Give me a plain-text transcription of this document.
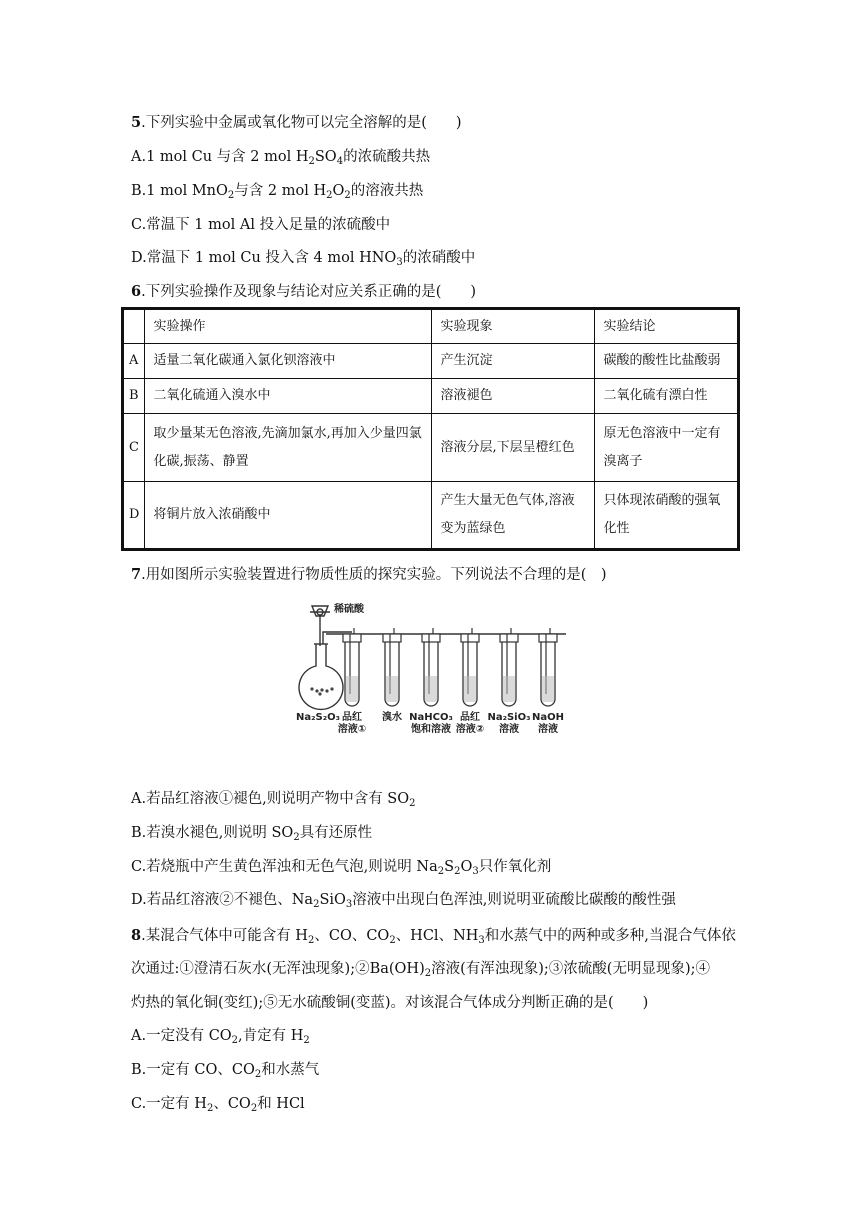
5.下列实验中金属或氧化物可以完全溶解的是(　　)
A.1 mol Cu 与含 2 mol $H_2SO_4$的浓硫酸共热
B.1 mol MnO$_2$与含 2 mol $H_2O_2$的溶液共热
C.常温下 1 mol Al 投入足量的浓硫酸中
D.常温下 1 mol Cu 投入含 4 mol $HNO_3$的浓硝酸中
6.下列实验操作及现象与结论对应关系正确的是(　　)
	实验操作	实验现象	实验结论
A	适量二氧化碳通入氯化钡溶液中	产生沉淀	碳酸的酸性比盐酸弱
B	二氧化硫通入溴水中	溶液褪色	二氧化硫有漂白性
C	取少量某无色溶液,先滴加氯水,再加入少量四氯化碳,振荡、静置	溶液分层,下层呈橙红色	原无色溶液中一定有溴离子
D	将铜片放入浓硝酸中	产生大量无色气体,溶液变为蓝绿色	只体现浓硝酸的强氧化性
7.用如图所示实验装置进行物质性质的探究实验。下列说法不合理的是(　)
稀硫酸
Na₂S₂O₃ 品红
溶液①
溴水 NaHCO₃
饱和溶液
品红
溶液②
Na₂SiO₃
溶液
NaOH
溶液
A.若品红溶液①褪色,则说明产物中含有 $SO_2$
B.若溴水褪色,则说明 $SO_2$具有还原性
C.若烧瓶中产生黄色浑浊和无色气泡,则说明 $Na_2S_2O_3$只作氧化剂
D.若品红溶液②不褪色、$Na_2SiO_3$溶液中出现白色浑浊,则说明亚硫酸比碳酸的酸性强
8.某混合气体中可能含有 $H_2$、CO、$CO_2$、HCl、$NH_3$和水蒸气中的两种或多种,当混合气体依
次通过:①澄清石灰水(无浑浊现象)$;②Ba(OH)_2$溶液(有浑浊现象);③浓硫酸(无明显现象);④
灼热的氧化铜(变红);⑤无水硫酸铜(变蓝)。对该混合气体成分判断正确的是(　　)
A.一定没有 $CO_2$,肯定有 $H_2$
B.一定有 CO、$CO_2$和水蒸气
C.一定有 $H_2$、$CO_2$和 HCl
